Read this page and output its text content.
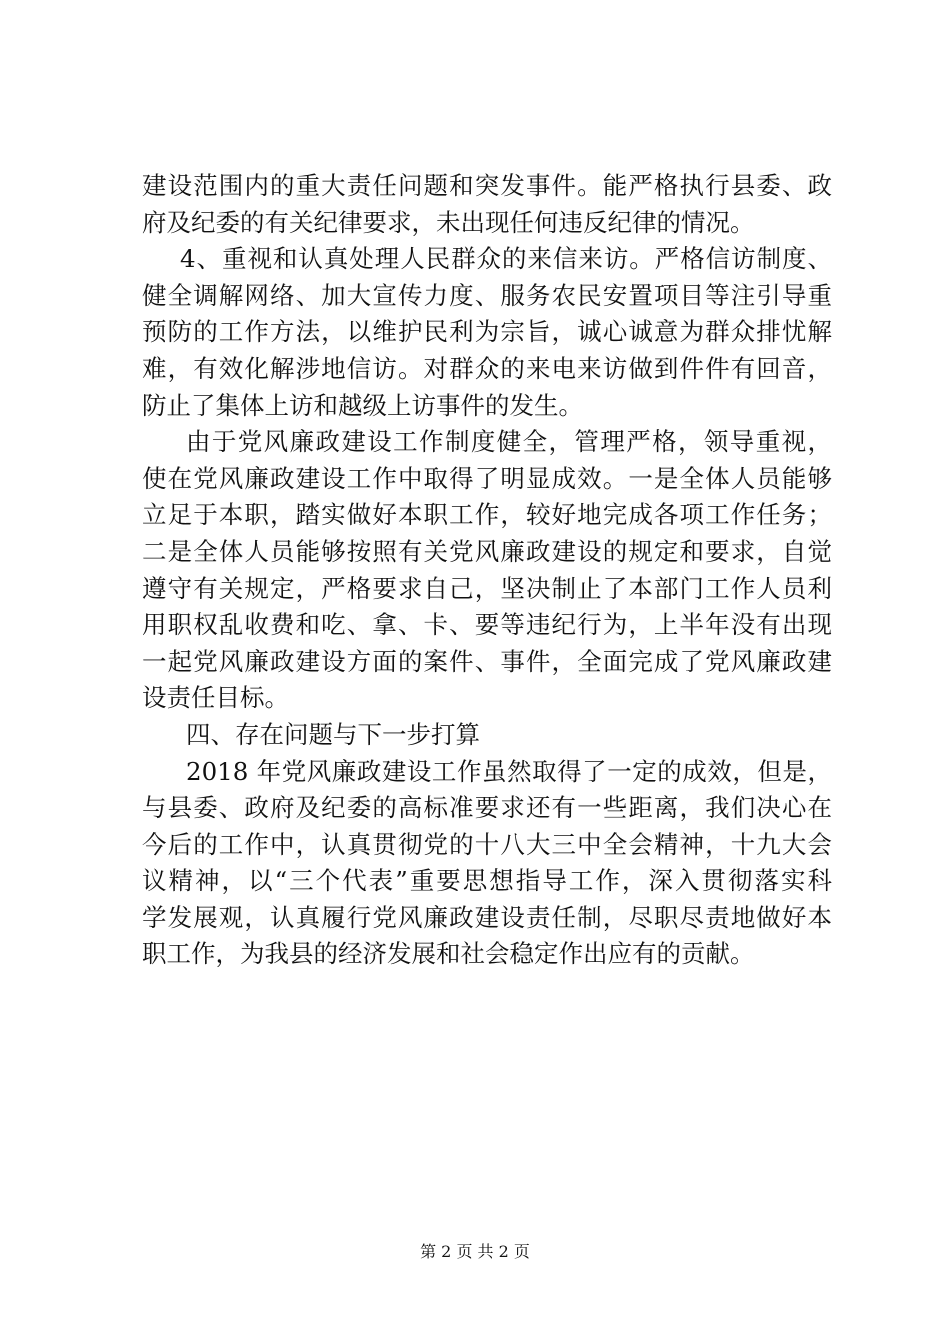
建设范围内的重大责任问题和突发事件。能严格执行县委、政
府及纪委的有关纪律要求，未出现任何违反纪律的情况。
4、重视和认真处理人民群众的来信来访。严格信访制度、
健全调解网络、加大宣传力度、服务农民安置项目等注引导重
预防的工作方法，以维护民利为宗旨，诚心诚意为群众排忧解
难，有效化解涉地信访。对群众的来电来访做到件件有回音，
防止了集体上访和越级上访事件的发生。
由于党风廉政建设工作制度健全，管理严格，领导重视，
使在党风廉政建设工作中取得了明显成效。一是全体人员能够
立足于本职，踏实做好本职工作，较好地完成各项工作任务；
二是全体人员能够按照有关党风廉政建设的规定和要求，自觉
遵守有关规定，严格要求自己，坚决制止了本部门工作人员利
用职权乱收费和吃、拿、卡、要等违纪行为，上半年没有出现
一起党风廉政建设方面的案件、事件，全面完成了党风廉政建
设责任目标。
四、存在问题与下一步打算
2018 年党风廉政建设工作虽然取得了一定的成效，但是，
与县委、政府及纪委的高标准要求还有一些距离，我们决心在
今后的工作中，认真贯彻党的十八大三中全会精神，十九大会
议精神，以“三个代表”重要思想指导工作，深入贯彻落实科
学发展观，认真履行党风廉政建设责任制，尽职尽责地做好本
职工作，为我县的经济发展和社会稳定作出应有的贡献。
第 2 页 共 2 页
